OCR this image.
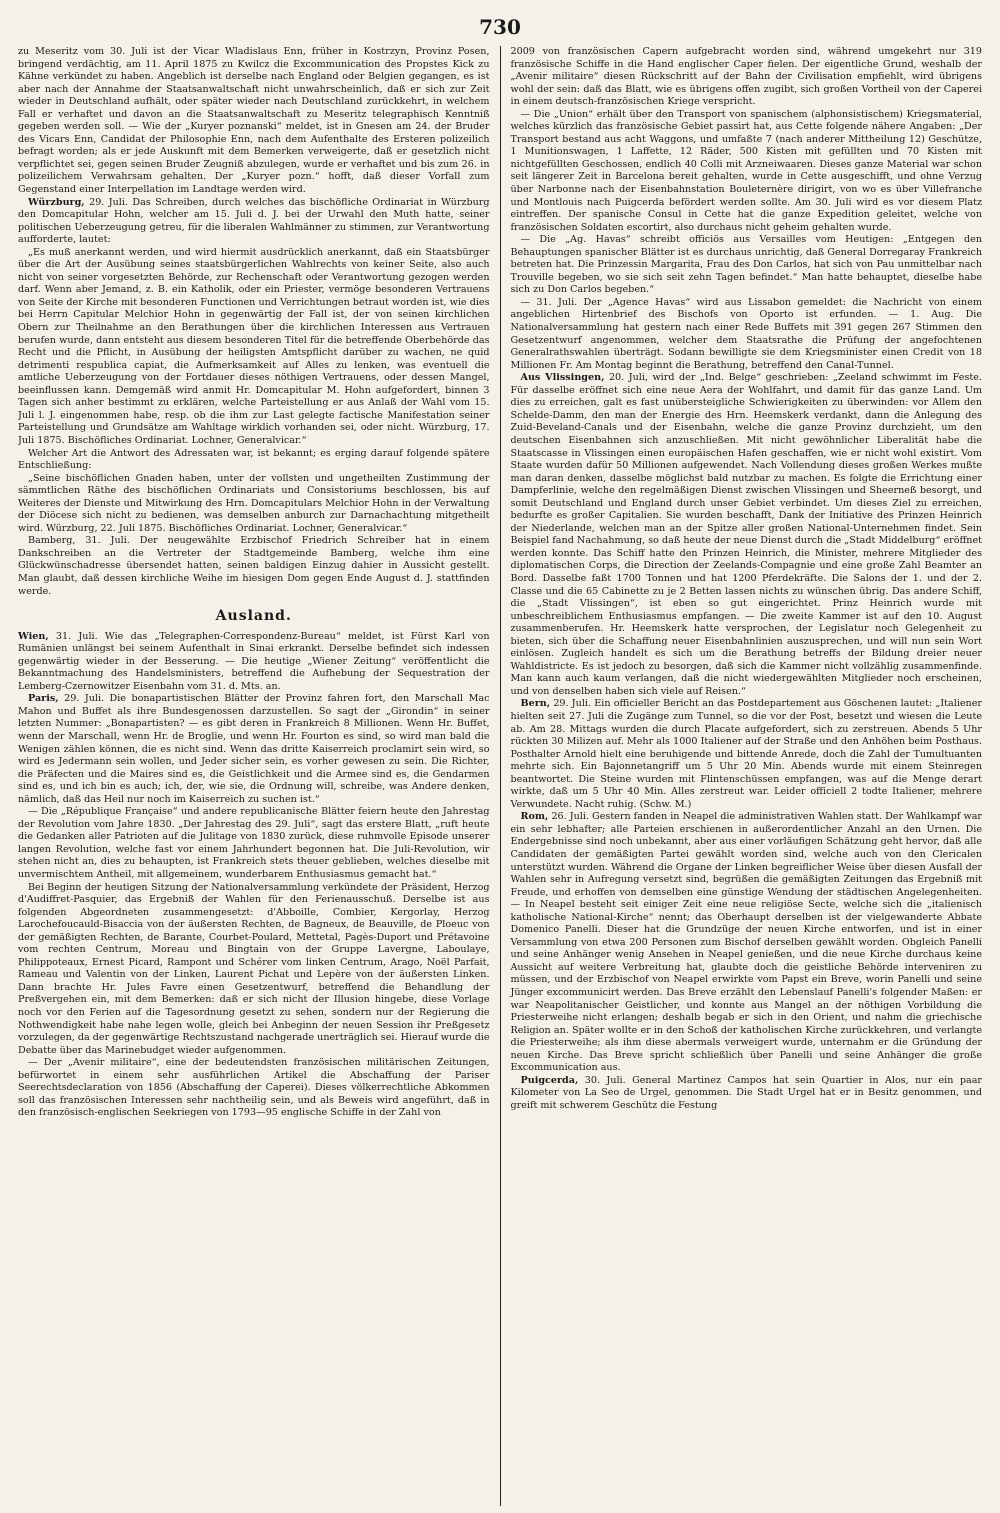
730

zu Meseritz vom 30. Juli ist der Vicar Wladislaus Enn, früher in Kostrzyn, Provinz Posen, bringend verdächtig, am 11. April 1875 zu Kwilcz die Excommunication des Propstes Kick zu Kähne verkündet zu haben. Angeblich ist derselbe nach England oder Belgien gegangen, es ist aber nach der Annahme der Staatsanwaltschaft nicht unwahrscheinlich, daß er sich zur Zeit wieder in Deutschland aufhält, oder später wieder nach Deutschland zurückkehrt, in welchem Fall er verhaftet und davon an die Staatsanwaltschaft zu Meseritz telegraphisch Kenntniß gegeben werden soll. — Wie der „Kuryer poznanski“ meldet, ist in Gnesen am 24. der Bruder des Vicars Enn, Candidat der Philosophie Enn, nach dem Aufenthalte des Ersteren polizeilich befragt worden; als er jede Auskunft mit dem Bemerken verweigerte, daß er gesetzlich nicht verpflichtet sei, gegen seinen Bruder Zeugniß abzulegen, wurde er verhaftet und bis zum 26. in polizeilichem Verwahrsam gehalten. Der „Kuryer pozn.“ hofft, daß dieser Vorfall zum Gegenstand einer Interpellation im Landtage werden wird.

Würzburg, 29. Juli. Das Schreiben, durch welches das bischöfliche Ordinariat in Würzburg den Domcapitular Hohn, welcher am 15. Juli d. J. bei der Urwahl den Muth hatte, seiner politischen Ueberzeugung getreu, für die liberalen Wahlmänner zu stimmen, zur Verantwortung aufforderte, lautet:

„Es muß anerkannt werden, und wird hiermit ausdrücklich anerkannt, daß ein Staatsbürger über die Art der Ausübung seines staatsbürgerlichen Wahlrechts von keiner Seite, also auch nicht von seiner vorgesetzten Behörde, zur Rechenschaft oder Verantwortung gezogen werden darf. Wenn aber Jemand, z. B. ein Katholik, oder ein Priester, vermöge besonderen Vertrauens von Seite der Kirche mit besonderen Functionen und Verrichtungen betraut worden ist, wie dies bei Herrn Capitular Melchior Hohn in gegenwärtig der Fall ist, der von seinen kirchlichen Obern zur Theilnahme an den Berathungen über die kirchlichen Interessen aus Vertrauen berufen wurde, dann entsteht aus diesem besonderen Titel für die betreffende Oberbehörde das Recht und die Pflicht, in Ausübung der heiligsten Amtspflicht darüber zu wachen, ne quid detrimenti respublica capiat, die Aufmerksamkeit auf Alles zu lenken, was eventuell die amtliche Ueberzeugung von der Fortdauer dieses nöthigen Vertrauens, oder dessen Mangel, beeinflussen kann. Demgemäß wird anmit Hr. Domcapitular M. Hohn aufgefordert, binnen 3 Tagen sich anher bestimmt zu erklären, welche Parteistellung er aus Anlaß der Wahl vom 15. Juli l. J. eingenommen habe, resp. ob die ihm zur Last gelegte factische Manifestation seiner Parteistellung und Grundsätze am Wahltage wirklich vorhanden sei, oder nicht. Würzburg, 17. Juli 1875. Bischöfliches Ordinariat. Lochner, Generalvicar.“

Welcher Art die Antwort des Adressaten war, ist bekannt; es erging darauf folgende spätere Entschließung:

„Seine bischöflichen Gnaden haben, unter der vollsten und ungetheilten Zustimmung der sämmtlichen Räthe des bischöflichen Ordinariats und Consistoriums beschlossen, bis auf Weiteres der Dienste und Mitwirkung des Hrn. Domcapitulars Melchior Hohn in der Verwaltung der Diöcese sich nicht zu bedienen, was demselben anburch zur Darnachachtung mitgetheilt wird. Würzburg, 22. Juli 1875. Bischöfliches Ordinariat. Lochner, Generalvicar.“

Bamberg, 31. Juli. Der neugewählte Erzbischof Friedrich Schreiber hat in einem Dankschreiben an die Vertreter der Stadtgemeinde Bamberg, welche ihm eine Glückwünschadresse übersendet hatten, seinen baldigen Einzug dahier in Aussicht gestellt. Man glaubt, daß dessen kirchliche Weihe im hiesigen Dom gegen Ende August d. J. stattfinden werde.

Ausland.

Wien, 31. Juli. Wie das „Telegraphen-Correspondenz-Bureau“ meldet, ist Fürst Karl von Rumänien unlängst bei seinem Aufenthalt in Sinai erkrankt. Derselbe befindet sich indessen gegenwärtig wieder in der Besserung. — Die heutige „Wiener Zeitung“ veröffentlicht die Bekanntmachung des Handelsministers, betreffend die Aufhebung der Sequestration der Lemberg-Czernowitzer Eisenbahn vom 31. d. Mts. an.

Paris, 29. Juli. Die bonapartistischen Blätter der Provinz fahren fort, den Marschall Mac Mahon und Buffet als ihre Bundesgenossen darzustellen. So sagt der „Girondin“ in seiner letzten Nummer: „Bonapartisten? — es gibt deren in Frankreich 8 Millionen. Wenn Hr. Buffet, wenn der Marschall, wenn Hr. de Broglie, und wenn Hr. Fourton es sind, so wird man bald die Wenigen zählen können, die es nicht sind. Wenn das dritte Kaiserreich proclamirt sein wird, so wird es Jedermann sein wollen, und Jeder sicher sein, es vorher gewesen zu sein. Die Richter, die Präfecten und die Maires sind es, die Geistlichkeit und die Armee sind es, die Gendarmen sind es, und ich bin es auch; ich, der, wie sie, die Ordnung will, schreibe, was Andere denken, nämlich, daß das Heil nur noch im Kaiserreich zu suchen ist.“

— Die „République Française“ und andere republicanische Blätter feiern heute den Jahrestag der Revolution vom Jahre 1830. „Der Jahrestag des 29. Juli“, sagt das erstere Blatt, „ruft heute die Gedanken aller Patrioten auf die Julitage von 1830 zurück, diese ruhmvolle Episode unserer langen Revolution, welche fast vor einem Jahrhundert begonnen hat. Die Juli-Revolution, wir stehen nicht an, dies zu behaupten, ist Frankreich stets theuer geblieben, welches dieselbe mit unvermischtem Antheil, mit allgemeinem, wunderbarem Enthusiasmus gemacht hat.“

Bei Beginn der heutigen Sitzung der Nationalversammlung verkündete der Präsident, Herzog d'Audiffret-Pasquier, das Ergebniß der Wahlen für den Ferienausschuß. Derselbe ist aus folgenden Abgeordneten zusammengesetzt: d'Abboille, Combier, Kergorlay, Herzog Larochefoucauld-Bisaccia von der äußersten Rechten, de Bagneux, de Beauville, de Ploeuc von der gemäßigten Rechten, de Barante, Courbet-Poulard, Mettetal, Pagès-Duport und Prétavoine vom rechten Centrum, Moreau und Bingtain von der Gruppe Lavergne, Laboulaye, Philippoteaux, Ernest Picard, Rampont und Schérer vom linken Centrum, Arago, Noël Parfait, Rameau und Valentin von der Linken, Laurent Pichat und Lepère von der äußersten Linken. Dann brachte Hr. Jules Favre einen Gesetzentwurf, betreffend die Behandlung der Preßvergehen ein, mit dem Bemerken: daß er sich nicht der Illusion hingebe, diese Vorlage noch vor den Ferien auf die Tagesordnung gesetzt zu sehen, sondern nur der Regierung die Nothwendigkeit habe nahe legen wolle, gleich bei Anbeginn der neuen Session ihr Preßgesetz vorzulegen, da der gegenwärtige Rechtszustand nachgerade unerträglich sei. Hierauf wurde die Debatte über das Marinebudget wieder aufgenommen.

— Der „Avenir militaire“, eine der bedeutendsten französischen militärischen Zeitungen, befürwortet in einem sehr ausführlichen Artikel die Abschaffung der Pariser Seerechtsdeclaration von 1856 (Abschaffung der Caperei). Dieses völkerrechtliche Abkommen soll das französischen Interessen sehr nachtheilig sein, und als Beweis wird angeführt, daß in den französisch-englischen Seekriegen von 1793—95 englische Schiffe in der Zahl von

2009 von französischen Capern aufgebracht worden sind, während umgekehrt nur 319 französische Schiffe in die Hand englischer Caper fielen. Der eigentliche Grund, weshalb der „Avenir militaire“ diesen Rückschritt auf der Bahn der Civilisation empfiehlt, wird übrigens wohl der sein: daß das Blatt, wie es übrigens offen zugibt, sich großen Vortheil von der Caperei in einem deutsch-französischen Kriege verspricht.

— Die „Union“ erhält über den Transport von spanischem (alphonsistischem) Kriegsmaterial, welches kürzlich das französische Gebiet passirt hat, aus Cette folgende nähere Angaben: „Der Transport bestand aus acht Waggons, und umfaßte 7 (nach anderer Mittheilung 12) Geschütze, 1 Munitionswagen, 1 Laffette, 12 Räder, 500 Kisten mit gefüllten und 70 Kisten mit nichtgefüllten Geschossen, endlich 40 Colli mit Arzneiwaaren. Dieses ganze Material war schon seit längerer Zeit in Barcelona bereit gehalten, wurde in Cette ausgeschifft, und ohne Verzug über Narbonne nach der Eisenbahnstation Bouleternère dirigirt, von wo es über Villefranche und Montlouis nach Puigcerda befördert werden sollte. Am 30. Juli wird es vor diesem Platz eintreffen. Der spanische Consul in Cette hat die ganze Expedition geleitet, welche von französischen Soldaten escortirt, also durchaus nicht geheim gehalten wurde.

— Die „Ag. Havas“ schreibt officiös aus Versailles vom Heutigen: „Entgegen den Behauptungen spanischer Blätter ist es durchaus unrichtig, daß General Dorregaray Frankreich betreten hat. Die Prinzessin Margarita, Frau des Don Carlos, hat sich von Pau unmittelbar nach Trouville begeben, wo sie sich seit zehn Tagen befindet.“ Man hatte behauptet, dieselbe habe sich zu Don Carlos begeben.“

— 31. Juli. Der „Agence Havas“ wird aus Lissabon gemeldet: die Nachricht von einem angeblichen Hirtenbrief des Bischofs von Oporto ist erfunden. — 1. Aug. Die Nationalversammlung hat gestern nach einer Rede Buffets mit 391 gegen 267 Stimmen den Gesetzentwurf angenommen, welcher dem Staatsrathe die Prüfung der angefochtenen Generalrathswahlen überträgt. Sodann bewilligte sie dem Kriegsminister einen Credit von 18 Millionen Fr. Am Montag beginnt die Berathung, betreffend den Canal-Tunnel.

Aus Vlissingen, 20. Juli, wird der „Ind. Belge“ geschrieben: „Zeeland schwimmt im Feste. Für dasselbe eröffnet sich eine neue Aera der Wohlfahrt, und damit für das ganze Land. Um dies zu erreichen, galt es fast unübersteigliche Schwierigkeiten zu überwinden: vor Allem den Schelde-Damm, den man der Energie des Hrn. Heemskerk verdankt, dann die Anlegung des Zuid-Beveland-Canals und der Eisenbahn, welche die ganze Provinz durchzieht, um den deutschen Eisenbahnen sich anzuschließen. Mit nicht gewöhnlicher Liberalität habe die Staatscasse in Vlissingen einen europäischen Hafen geschaffen, wie er nicht wohl existirt. Vom Staate wurden dafür 50 Millionen aufgewendet. Nach Vollendung dieses großen Werkes mußte man daran denken, dasselbe möglichst bald nutzbar zu machen. Es folgte die Errichtung einer Dampferlinie, welche den regelmäßigen Dienst zwischen Vlissingen und Sheerneß besorgt, und somit Deutschland und England durch unser Gebiet verbindet. Um dieses Ziel zu erreichen, bedurfte es großer Capitalien. Sie wurden beschafft, Dank der Initiative des Prinzen Heinrich der Niederlande, welchen man an der Spitze aller großen National-Unternehmen findet. Sein Beispiel fand Nachahmung, so daß heute der neue Dienst durch die „Stadt Middelburg“ eröffnet werden konnte. Das Schiff hatte den Prinzen Heinrich, die Minister, mehrere Mitglieder des diplomatischen Corps, die Direction der Zeelands-Compagnie und eine große Zahl Beamter an Bord. Dasselbe faßt 1700 Tonnen und hat 1200 Pferdekräfte. Die Salons der 1. und der 2. Classe und die 65 Cabinette zu je 2 Betten lassen nichts zu wünschen übrig. Das andere Schiff, die „Stadt Vlissingen“, ist eben so gut eingerichtet. Prinz Heinrich wurde mit unbeschreiblichem Enthusiasmus empfangen. — Die zweite Kammer ist auf den 10. August zusammenberufen. Hr. Heemskerk hatte versprochen, der Legislatur noch Gelegenheit zu bieten, sich über die Schaffung neuer Eisenbahnlinien auszusprechen, und will nun sein Wort einlösen. Zugleich handelt es sich um die Berathung betreffs der Bildung dreier neuer Wahldistricte. Es ist jedoch zu besorgen, daß sich die Kammer nicht vollzählig zusammenfinde. Man kann auch kaum verlangen, daß die nicht wiedergewählten Mitglieder noch erscheinen, und von denselben haben sich viele auf Reisen.“

Bern, 29. Juli. Ein officieller Bericht an das Postdepartement aus Göschenen lautet: „Italiener hielten seit 27. Juli die Zugänge zum Tunnel, so die vor der Post, besetzt und wiesen die Leute ab. Am 28. Mittags wurden die durch Placate aufgefordert, sich zu zerstreuen. Abends 5 Uhr rückten 30 Milizen auf. Mehr als 1000 Italiener auf der Straße und den Anhöhen beim Posthaus. Posthalter Arnold hielt eine beruhigende und bittende Anrede, doch die Zahl der Tumultuanten mehrte sich. Ein Bajonnetangriff um 5 Uhr 20 Min. Abends wurde mit einem Steinregen beantwortet. Die Steine wurden mit Flintenschüssen empfangen, was auf die Menge derart wirkte, daß um 5 Uhr 40 Min. Alles zerstreut war. Leider officiell 2 todte Italiener, mehrere Verwundete. Nacht ruhig. (Schw. M.)

Rom, 26. Juli. Gestern fanden in Neapel die administrativen Wahlen statt. Der Wahlkampf war ein sehr lebhafter; alle Parteien erschienen in außerordentlicher Anzahl an den Urnen. Die Endergebnisse sind noch unbekannt, aber aus einer vorläufigen Schätzung geht hervor, daß alle Candidaten der gemäßigten Partei gewählt worden sind, welche auch von den Clericalen unterstützt wurden. Während die Organe der Linken begreiflicher Weise über diesen Ausfall der Wahlen sehr in Aufregung versetzt sind, begrüßen die gemäßigten Zeitungen das Ergebniß mit Freude, und erhoffen von demselben eine günstige Wendung der städtischen Angelegenheiten. — In Neapel besteht seit einiger Zeit eine neue religiöse Secte, welche sich die „italienisch katholische National-Kirche“ nennt; das Oberhaupt derselben ist der vielgewanderte Abbate Domenico Panelli. Dieser hat die Grundzüge der neuen Kirche entworfen, und ist in einer Versammlung von etwa 200 Personen zum Bischof derselben gewählt worden. Obgleich Panelli und seine Anhänger wenig Ansehen in Neapel genießen, und die neue Kirche durchaus keine Aussicht auf weitere Verbreitung hat, glaubte doch die geistliche Behörde interveniren zu müssen, und der Erzbischof von Neapel erwirkte vom Papst ein Breve, worin Panelli und seine Jünger excommunicirt werden. Das Breve erzählt den Lebenslauf Panelli's folgender Maßen: er war Neapolitanischer Geistlicher, und konnte aus Mangel an der nöthigen Vorbildung die Priesterweihe nicht erlangen; deshalb begab er sich in den Orient, und nahm die griechische Religion an. Später wollte er in den Schoß der katholischen Kirche zurückkehren, und verlangte die Priesterweihe; als ihm diese abermals verweigert wurde, unternahm er die Gründung der neuen Kirche. Das Breve spricht schließlich über Panelli und seine Anhänger die große Excommunication aus.

Puigcerda, 30. Juli. General Martinez Campos hat sein Quartier in Alos, nur ein paar Kilometer von La Seo de Urgel, genommen. Die Stadt Urgel hat er in Besitz genommen, und greift mit schwerem Geschütz die Festung
